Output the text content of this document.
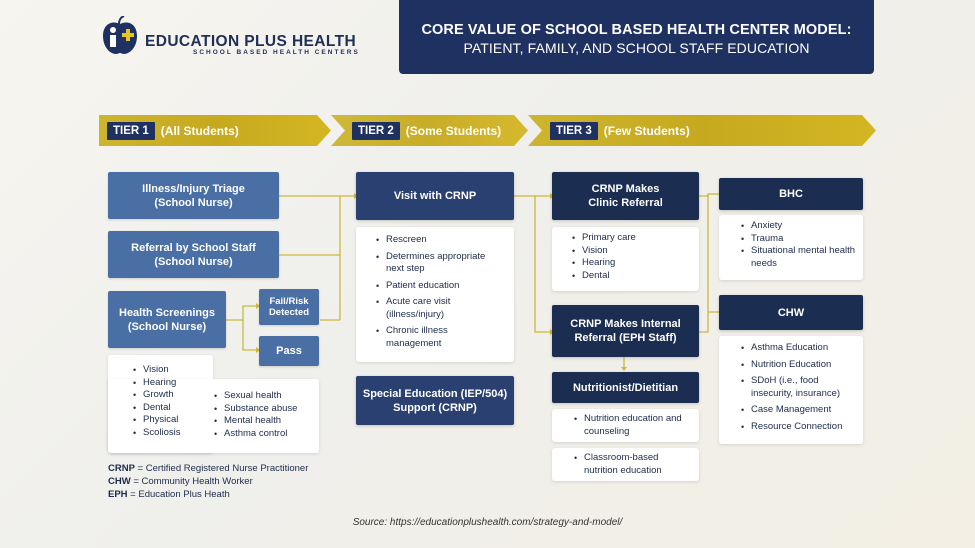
EDUCATION PLUS HEALTH
SCHOOL BASED HEALTH CENTERS
CORE VALUE OF SCHOOL BASED HEALTH CENTER MODEL:
PATIENT, FAMILY, AND SCHOOL STAFF EDUCATION
TIER 1	(All Students)	TIER 2	(Some Students)	TIER 3	(Few Students)
Illness/Injury Triage
(School Nurse)
Referral by School Staff
(School Nurse)
Health Screenings
(School Nurse)
Fail/Risk
Detected
Pass
• Vision
• Hearing
• Growth
• Dental
• Physical
• Scoliosis
• Sexual health
• Substance abuse
• Mental health
• Asthma control
CRNP = Certified Registered Nurse Practitioner
CHW = Community Health Worker
EPH = Education Plus Heath
Visit with CRNP
• Rescreen
• Determines appropriate next step
• Patient education
• Acute care visit (illness/injury)
• Chronic illness management
Special Education (IEP/504)
Support (CRNP)
CRNP Makes
Clinic Referral
• Primary care
• Vision
• Hearing
• Dental
CRNP Makes Internal
Referral (EPH Staff)
Nutritionist/Dietitian
• Nutrition education and counseling
• Classroom-based nutrition education
BHC
• Anxiety
• Trauma
• Situational mental health needs
CHW
• Asthma Education
• Nutrition Education
• SDoH (i.e., food insecurity, insurance)
• Case Management
• Resource Connection
Source: https://educationplushealth.com/strategy-and-model/
